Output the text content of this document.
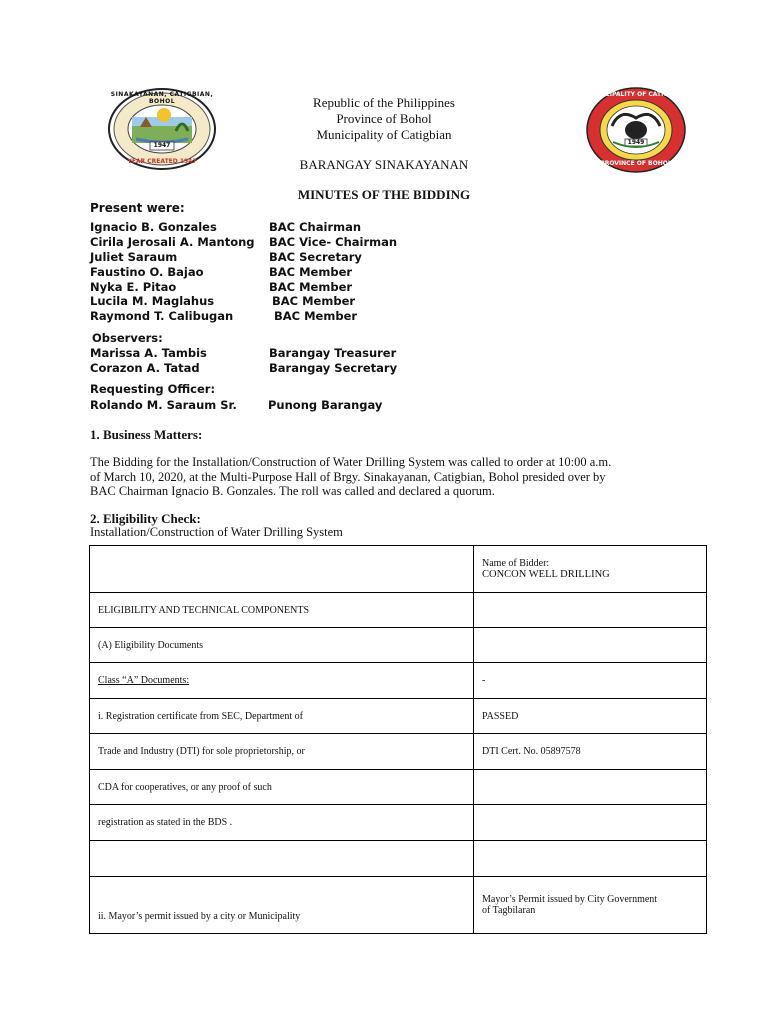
1947
SINAKAYANAN, CATIGBIAN, BOHOL
YEAR CREATED 1947
1949
MUNICIPALITY OF CATIGBIAN
PROVINCE OF BOHOL
Republic of the Philippines
Province of Bohol
Municipality of Catigbian
BARANGAY SINAKAYANAN
MINUTES OF THE BIDDING
Present were:
Ignacio B. Gonzales	BAC Chairman
Cirila Jerosali A. Mantong BAC Vice- Chairman
Juliet Saraum	BAC Secretary
Faustino O. Bajao	BAC Member
Nyka E. Pitao	BAC Member
Lucila M. Maglahus	BAC Member
Raymond T. Calibugan	BAC Member
Observers:
Marissa A. Tambis	Barangay Treasurer
Corazon A. Tatad	Barangay Secretary
Requesting Officer:
Rolando M. Saraum Sr.	Punong Barangay
1. Business Matters:
The Bidding for the Installation/Construction of Water Drilling System was called to order at 10:00 a.m.
of March 10, 2020, at the Multi-Purpose Hall of Brgy. Sinakayanan, Catigbian, Bohol presided over by
BAC Chairman Ignacio B. Gonzales. The roll was called and declared a quorum.
2. Eligibility Check:
Installation/Construction of Water Drilling System

	Name of Bidder:
CONCON WELL DRILLING

ELIGIBILITY AND TECHNICAL COMPONENTS	
(A) Eligibility Documents	
Class “A” Documents:	-
i. Registration certificate from SEC, Department of	PASSED
Trade and Industry (DTI) for sole proprietorship, or	DTI Cert. No. 05897578
CDA for cooperatives, or any proof of such	
registration as stated in the BDS .	

ii. Mayor’s permit issued by a city or Municipality	Mayor’s Permit issued by City Government
of Tagbilaran
